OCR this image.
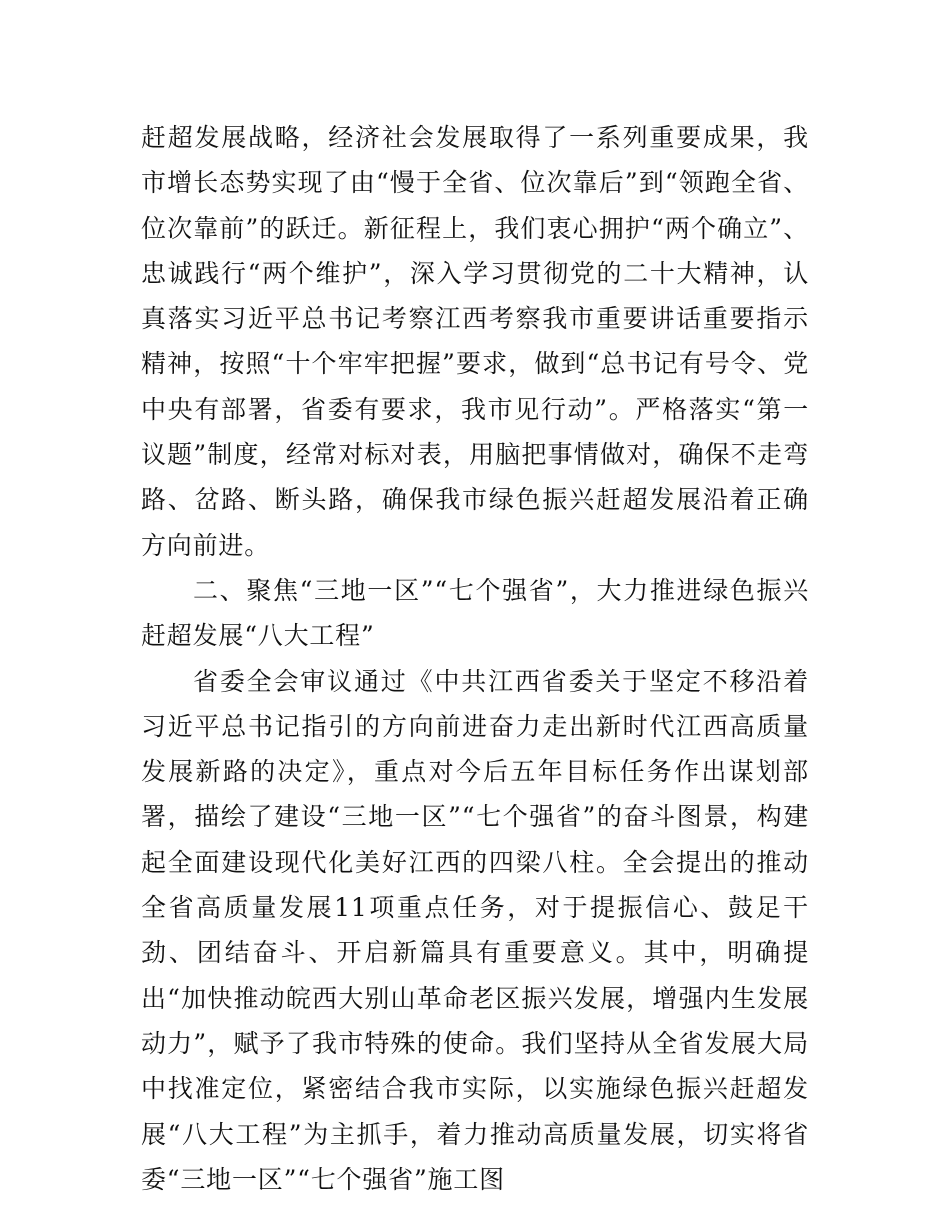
赶超发展战略，经济社会发展取得了一系列重要成果，我市增长态势实现了由“慢于全省、位次靠后”到“领跑全省、位次靠前”的跃迁。新征程上，我们衷心拥护“两个确立”、忠诚践行“两个维护”，深入学习贯彻党的二十大精神，认真落实习近平总书记考察江西考察我市重要讲话重要指示精神，按照“十个牢牢把握”要求，做到“总书记有号令、党中央有部署，省委有要求，我市见行动”。严格落实“第一议题”制度，经常对标对表，用脑把事情做对，确保不走弯路、岔路、断头路，确保我市绿色振兴赶超发展沿着正确方向前进。

二、聚焦“三地一区”“七个强省”，大力推进绿色振兴赶超发展“八大工程”

省委全会审议通过《中共江西省委关于坚定不移沿着习近平总书记指引的方向前进奋力走出新时代江西高质量发展新路的决定》，重点对今后五年目标任务作出谋划部署，描绘了建设“三地一区”“七个强省”的奋斗图景，构建起全面建设现代化美好江西的四梁八柱。全会提出的推动全省高质量发展11项重点任务，对于提振信心、鼓足干劲、团结奋斗、开启新篇具有重要意义。其中，明确提出“加快推动皖西大别山革命老区振兴发展，增强内生发展动力”，赋予了我市特殊的使命。我们坚持从全省发展大局中找准定位，紧密结合我市实际，以实施绿色振兴赶超发展“八大工程”为主抓手，着力推动高质量发展，切实将省委“三地一区”“七个强省”施工图
